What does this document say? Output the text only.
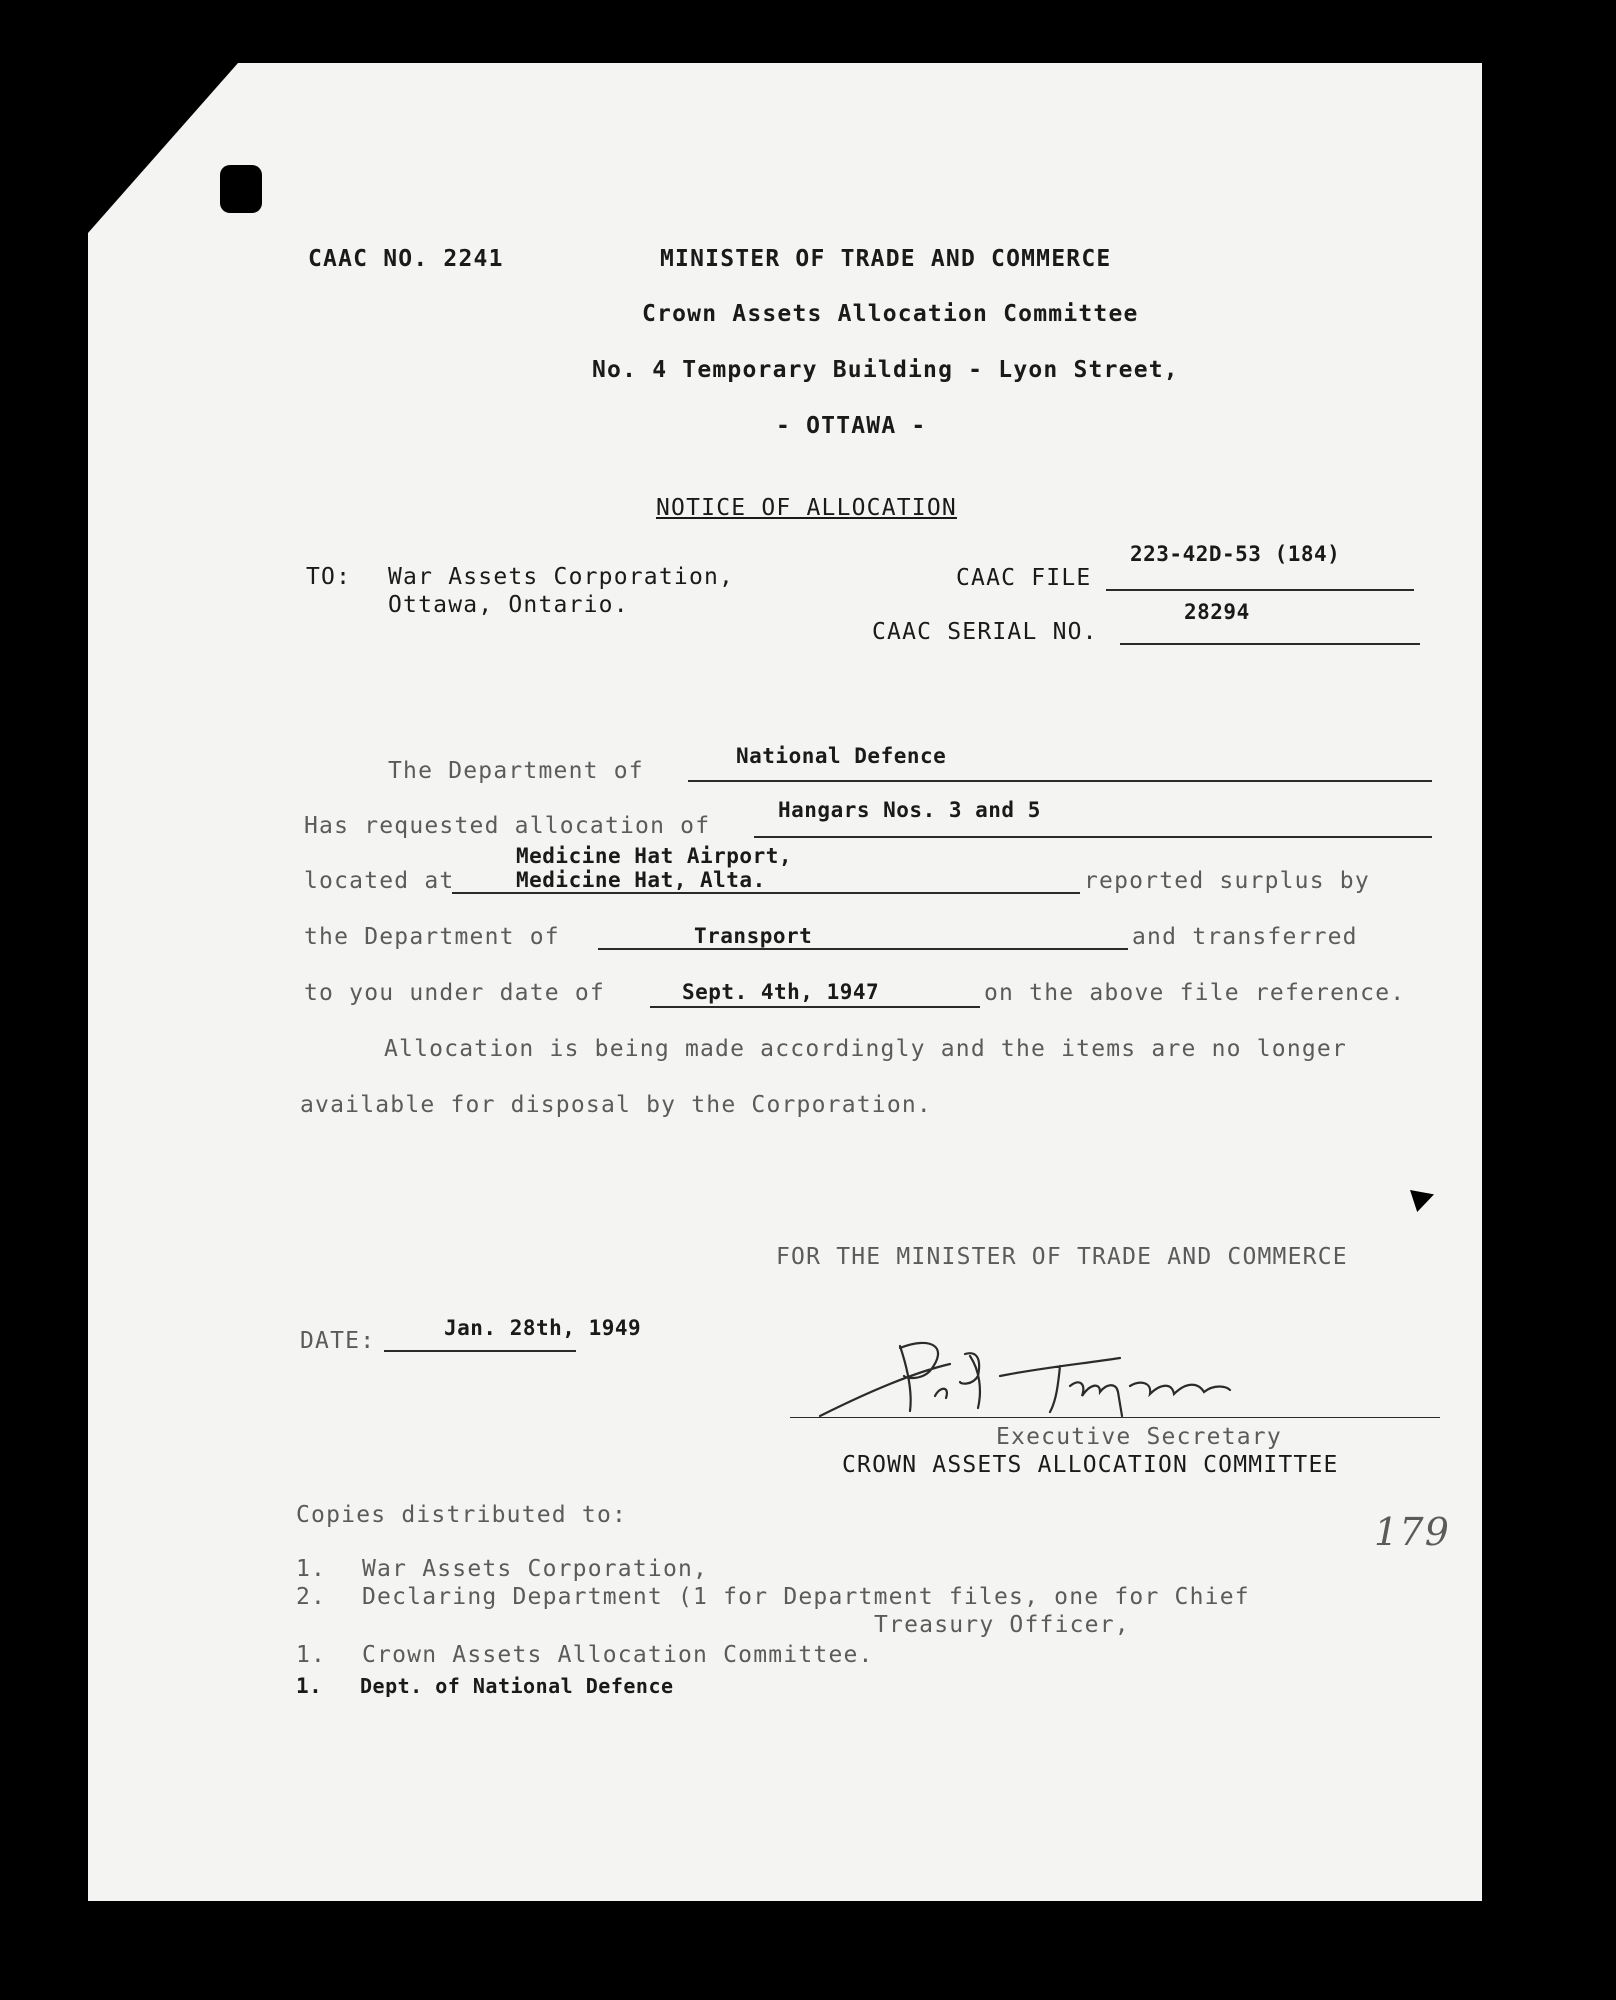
CAAC NO. 2241	MINISTER OF TRADE AND COMMERCE
Crown Assets Allocation Committee
No. 4 Temporary Building - Lyon Street,
- OTTAWA -
NOTICE OF ALLOCATION
TO: War Assets Corporation,
Ottawa, Ontario.
CAAC FILE
223-42D-53 (184)
CAAC SERIAL NO.
28294
The Department of
National Defence
Has requested allocation of
Hangars Nos. 3 and 5
Medicine Hat Airport,
located at	Medicine Hat, Alta.	reported surplus by
the Department of	Transport	and transferred
to you under date of	Sept. 4th, 1947	on the above file reference.
Allocation is being made accordingly and the items are no longer
available for disposal by the Corporation.
FOR THE MINISTER OF TRADE AND COMMERCE
DATE:	Jan. 28th, 1949
Executive Secretary
CROWN ASSETS ALLOCATION COMMITTEE
179
Copies distributed to:
1. War Assets Corporation,
2. Declaring Department (1 for Department files, one for Chief
Treasury Officer,
1. Crown Assets Allocation Committee.
1. Dept. of National Defence
